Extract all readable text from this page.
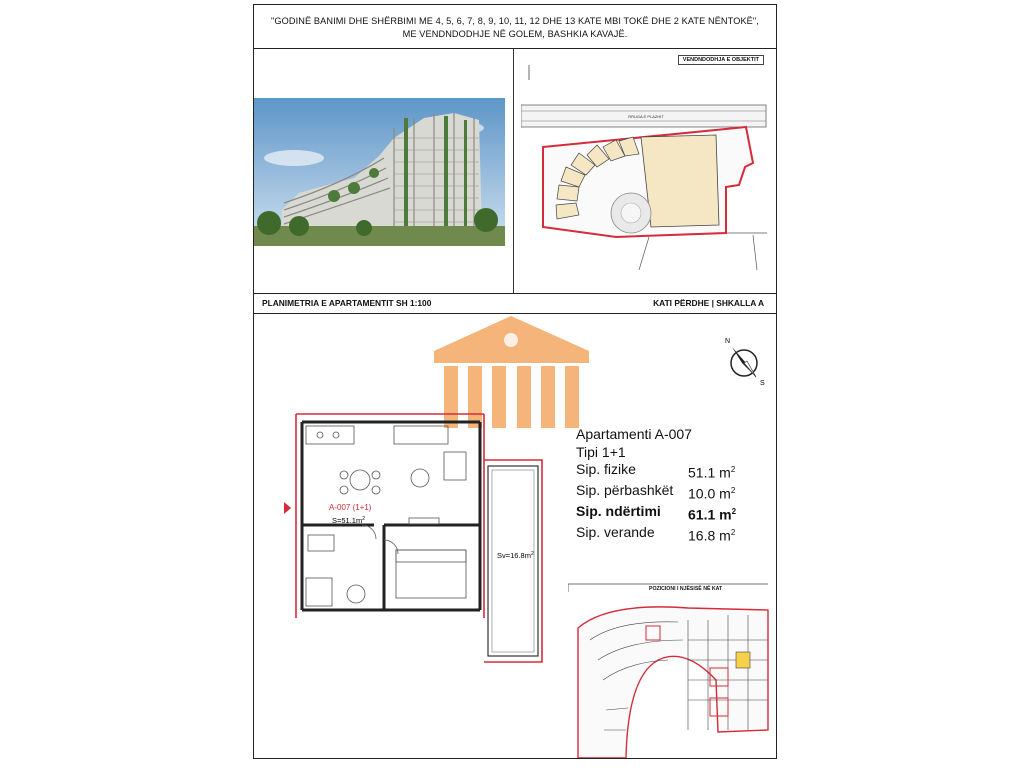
"GODINË BANIMI DHE SHËRBIMI ME 4, 5, 6, 7, 8, 9, 10, 11, 12 DHE 13 KATE MBI TOKË DHE 2 KATE NËNTOKË",
ME VENDNDODHJE NË GOLEM, BASHKIA KAVAJË.
VENDNDODHJA E OBJEKTIT
RRUGA E PLAZHIT
PLANIMETRIA E APARTAMENTIT SH 1:100	KATI PËRDHE | SHKALLA A
N
S
A-007 (1+1)
$S=51.1m^2$
$Sv=16.8m^2$
Apartamenti A-007
Tipi 1+1
Sip. fizike	51.1 $m^2$
Sip. përbashkët 10.0 $m^2$
Sip. ndërtimi 61.1 $m^2$
Sip. verande 16.8 $m^2$
POZICIONI I NJËSISË NË KAT
